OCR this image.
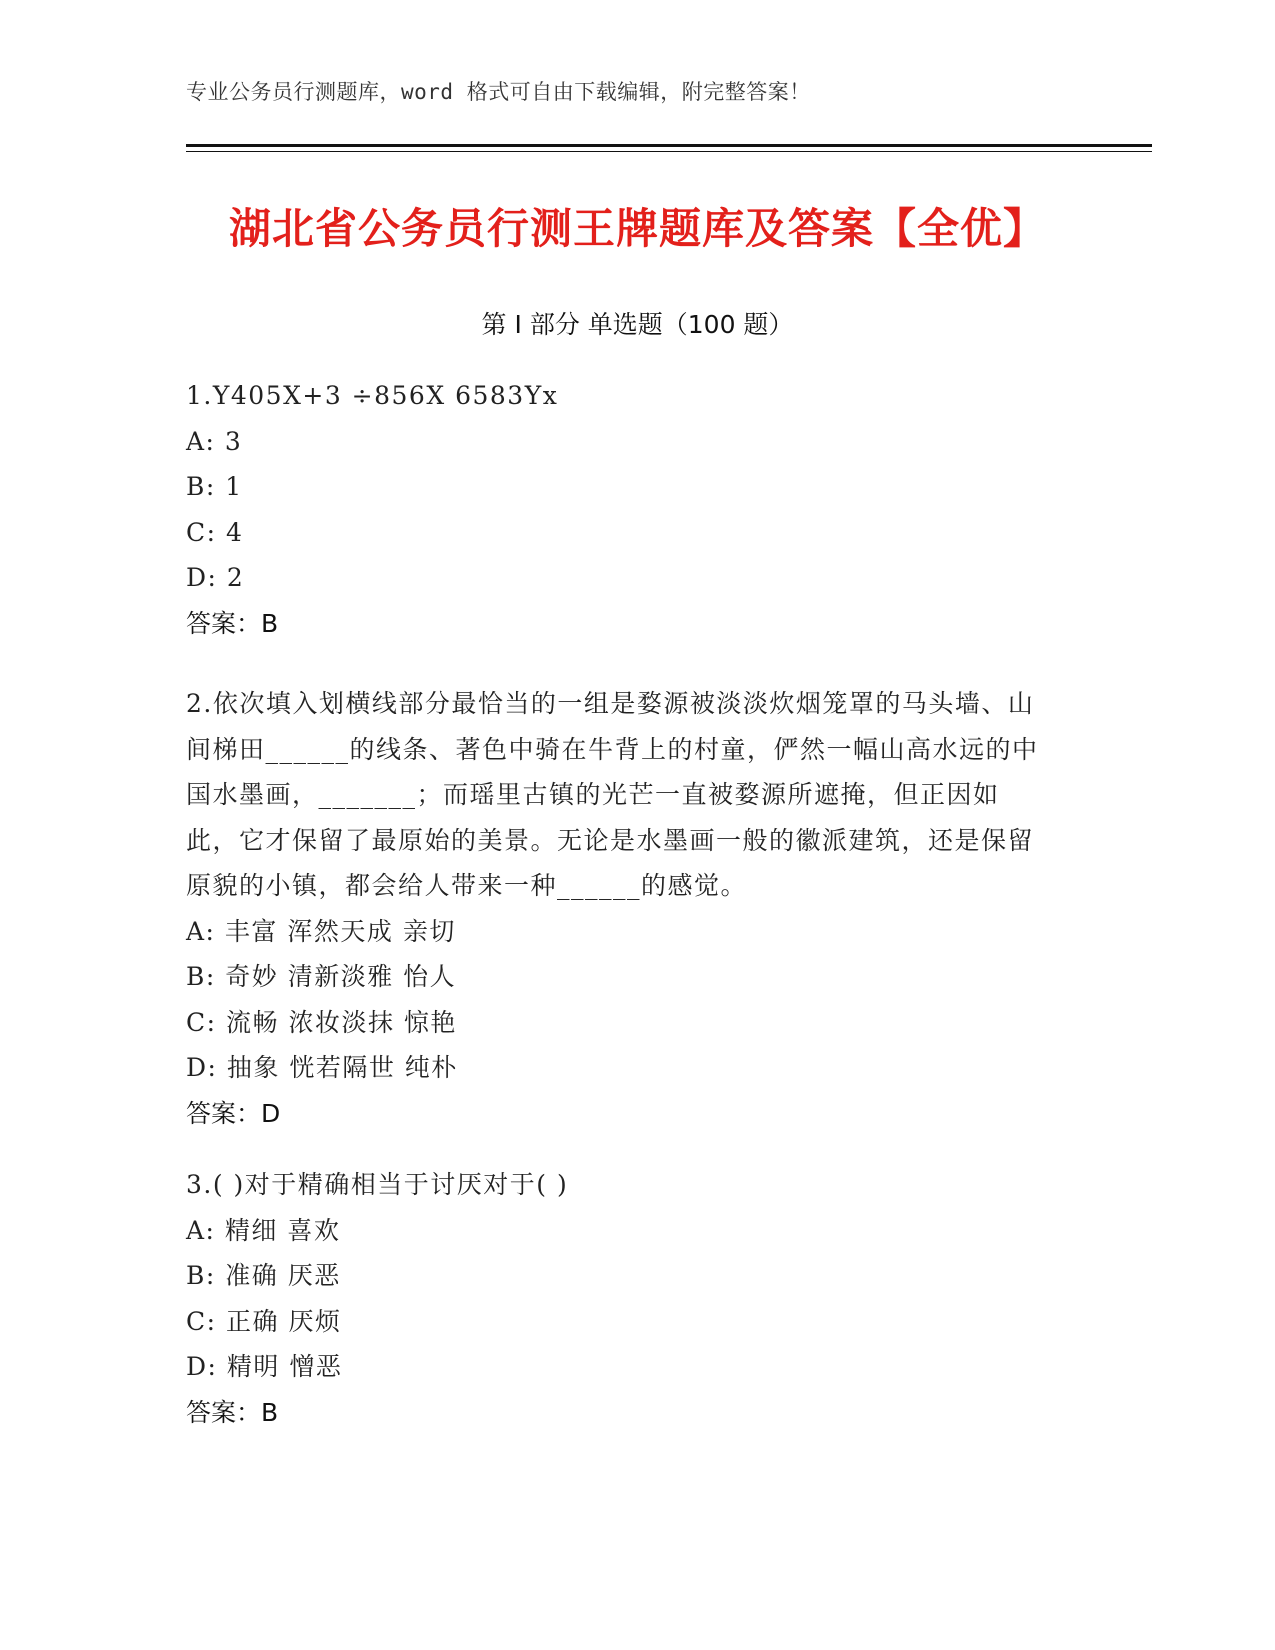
专业公务员行测题库，word 格式可自由下载编辑，附完整答案！
湖北省公务员行测王牌题库及答案【全优】
第 I 部分 单选题（100 题）

1.Y405X+3 ÷856X 6583Yx

A: 3
B: 1
C: 4
D: 2
答案：B

2.依次填入划横线部分最恰当的一组是婺源被淡淡炊烟笼罩的马头墙、山间梯田______的线条、著色中骑在牛背上的村童，俨然一幅山高水远的中国水墨画，_______；而瑶里古镇的光芒一直被婺源所遮掩，但正因如此，它才保留了最原始的美景。无论是水墨画一般的徽派建筑，还是保留原貌的小镇，都会给人带来一种______的感觉。

A: 丰富 浑然天成 亲切
B: 奇妙 清新淡雅 怡人
C: 流畅 浓妆淡抹 惊艳
D: 抽象 恍若隔世 纯朴
答案：D

3.( )对于精确相当于讨厌对于( )

A: 精细 喜欢
B: 准确 厌恶
C: 正确 厌烦
D: 精明 憎恶
答案：B
